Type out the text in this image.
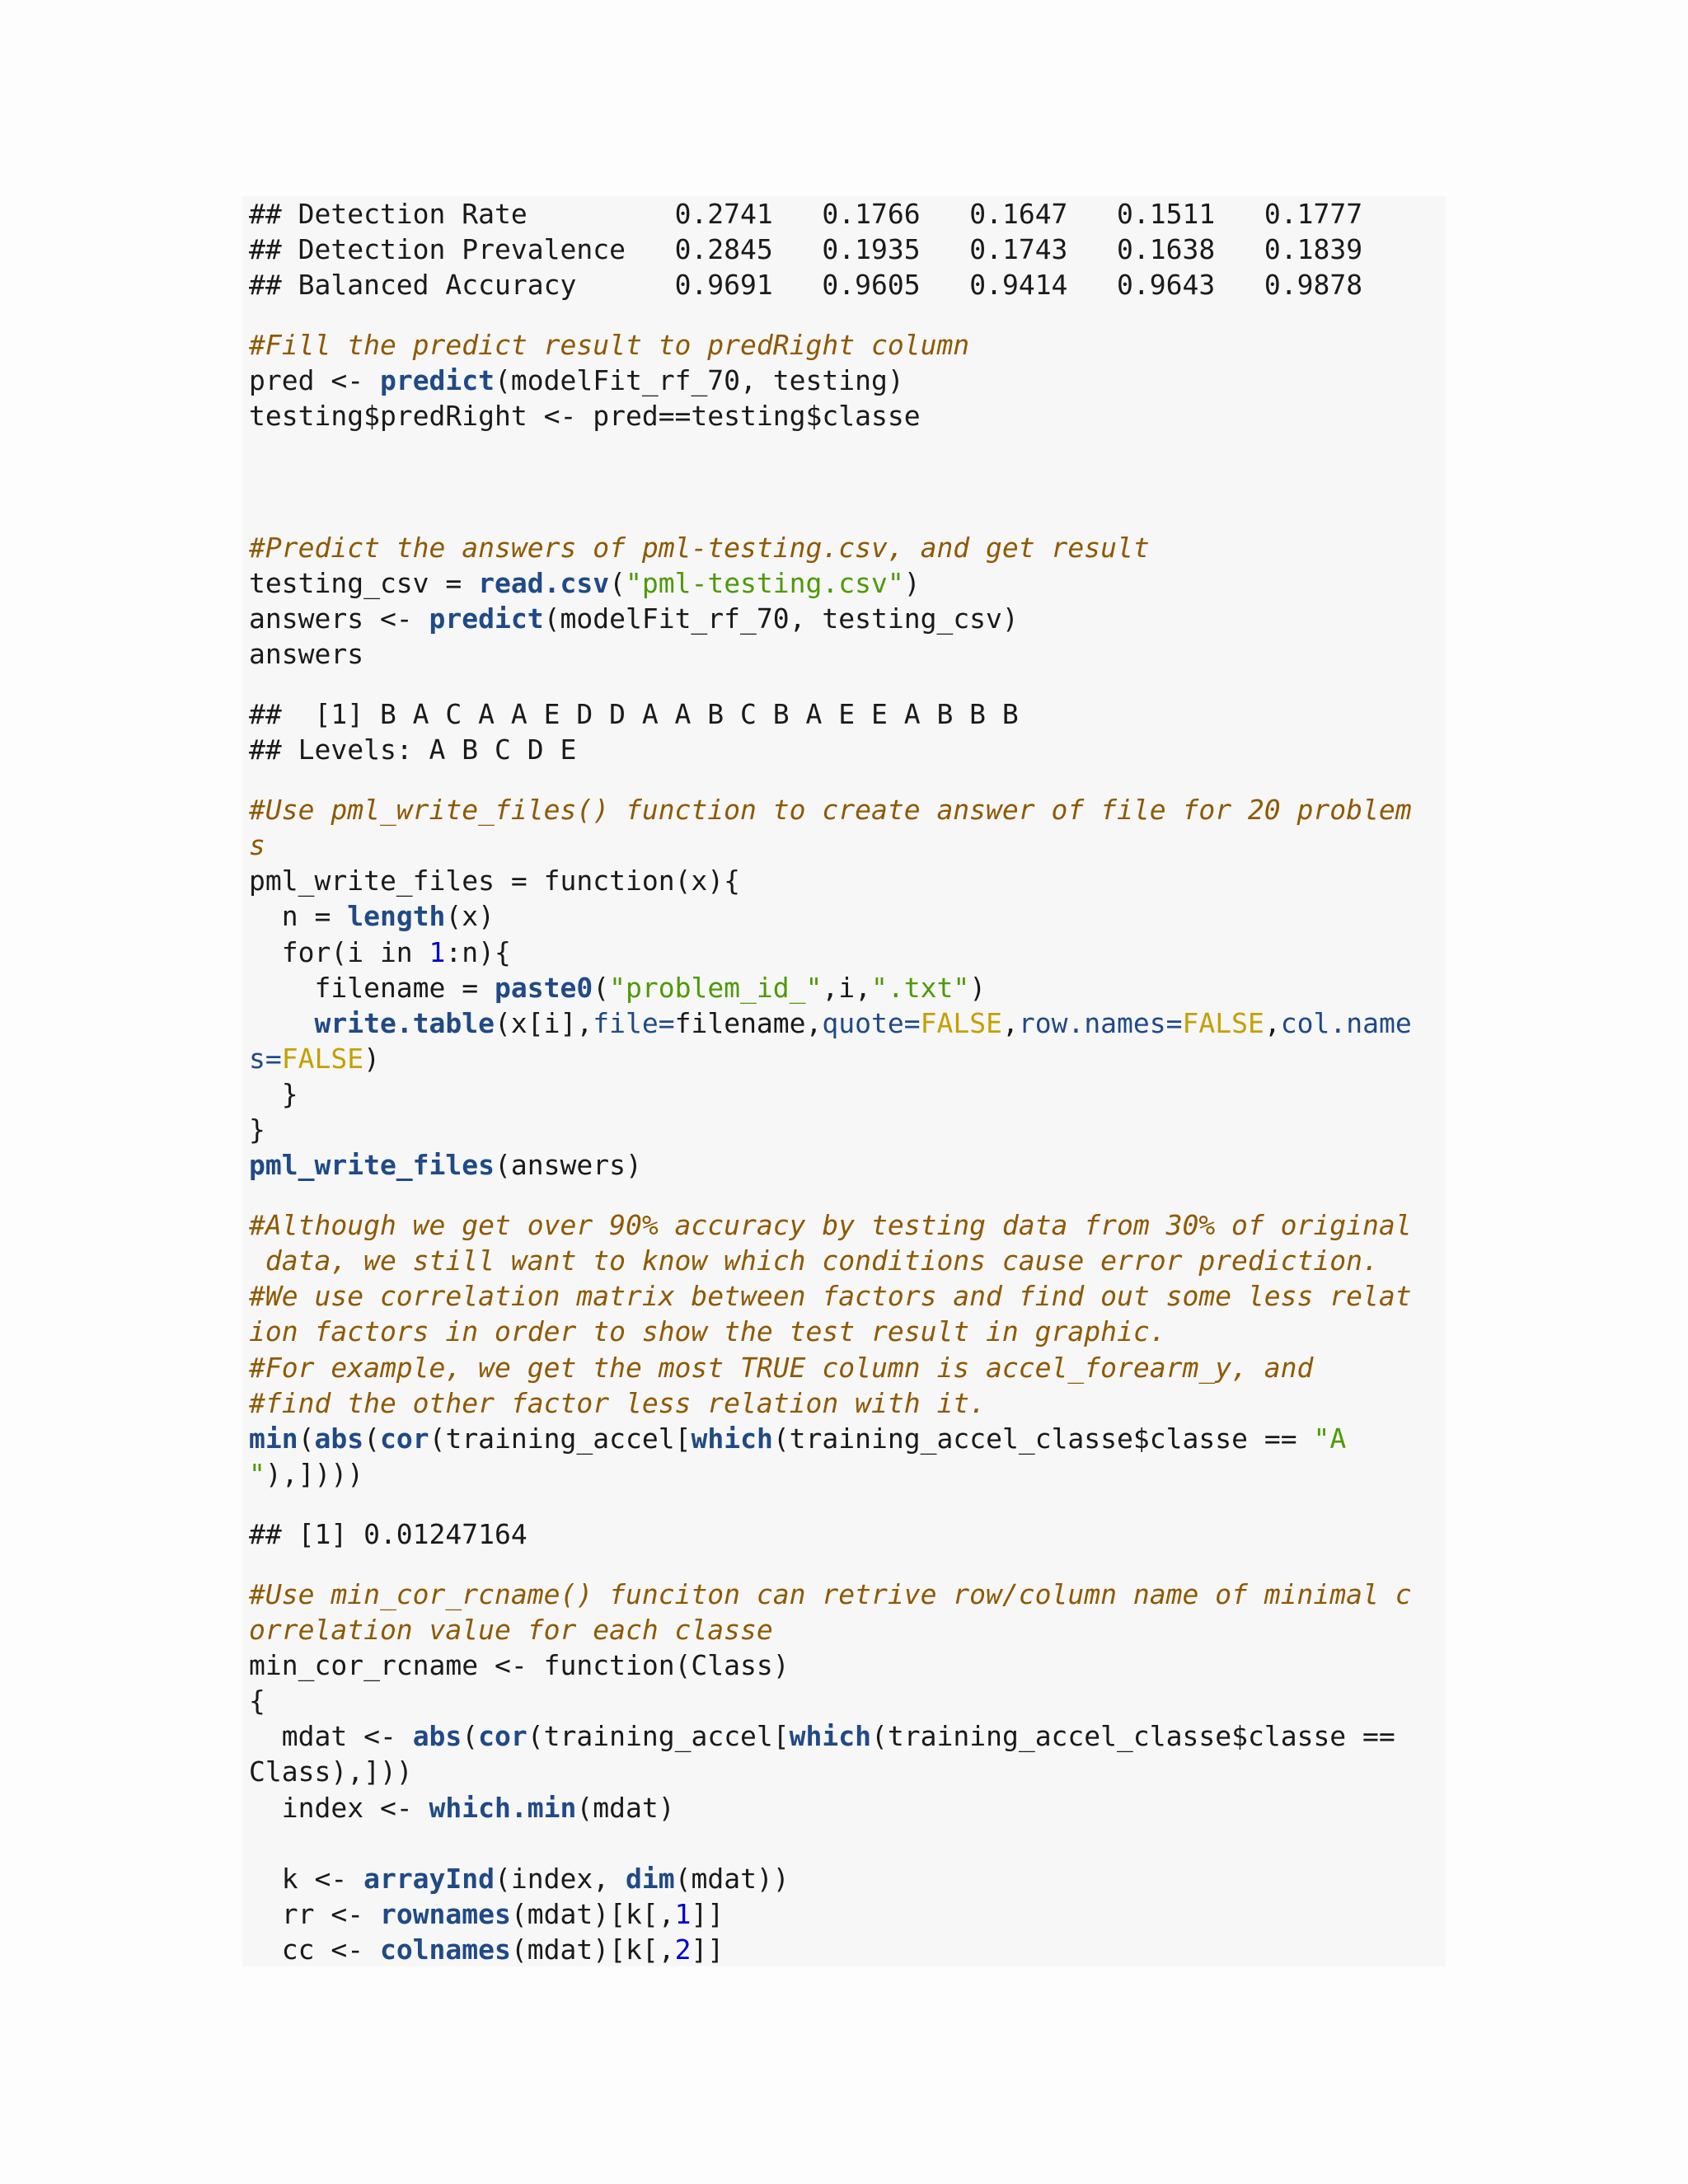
## Detection Rate         0.2741 0.1766 0.1647 0.1511 0.1777
## Detection Prevalence   0.2845 0.1935 0.1743 0.1638 0.1839
## Balanced Accuracy      0.9691 0.9605 0.9414 0.9643 0.9878
#Fill the predict result to predRight column
pred <- predict(modelFit_rf_70, testing)
testing$predRight <- pred==testing$classe
#Predict the answers of pml-testing.csv, and get result
testing_csv = read.csv("pml-testing.csv")
answers <- predict(modelFit_rf_70, testing_csv)
answers
##  [1] B A C A A E D D A A B C B A E E A B B B
## Levels: A B C D E
#Use pml_write_files() function to create answer of file for 20 problem
s
pml_write_files = function(x){
n = length(x)
for(i in 1:n){
filename = paste0("problem_id_",i,".txt")
write.table(x[i],file=filename,quote=FALSE,row.names=FALSE,col.name
s=FALSE)
}
}
pml_write_files(answers)
#Although we get over 90% accuracy by testing data from 30% of original
data, we still want to know which conditions cause error prediction.
#We use correlation matrix between factors and find out some less relat
ion factors in order to show the test result in graphic.
#For example, we get the most TRUE column is accel_forearm_y, and
#find the other factor less relation with it.
min(abs(cor(training_accel[which(training_accel_classe$classe == "A
"),])))
## [1] 0.01247164
#Use min_cor_rcname() funciton can retrive row/column name of minimal c
orrelation value for each classe
min_cor_rcname <- function(Class)
{
mdat <- abs(cor(training_accel[which(training_accel_classe$classe ==
Class),]))
index <- which.min(mdat)
k <- arrayInd(index, dim(mdat))
rr <- rownames(mdat)[k[,1]]
cc <- colnames(mdat)[k[,2]]
